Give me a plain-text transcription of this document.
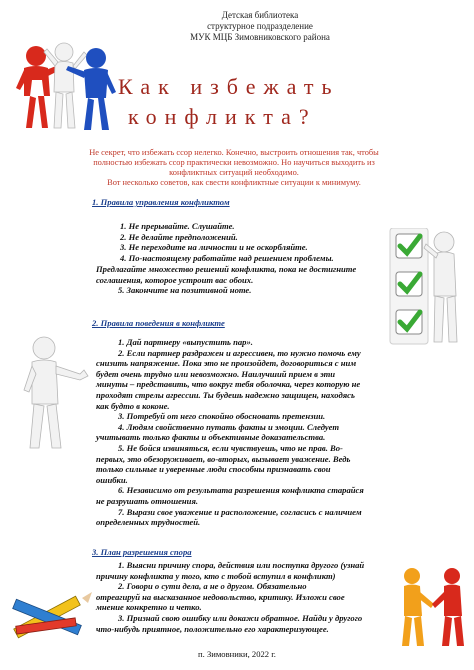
Детская библиотека
структурное подразделение
МУК МЦБ Зимовниковского района
Как избежать
конфликта?
Не секрет, что избежать ссор нелегко. Конечно, выстроить отношения так, чтобы
полностью избежать ссор практически невозможно. Но научиться выходить из
конфликтных ситуаций необходимо.
Вот несколько советов, как свести конфликтные ситуации к минимуму.
1. Правила управления конфликтом
1. Не прерывайте. Слушайте.
2. Не делайте предположений.
3. Не переходите на личности и не оскорбляйте.
4. По-настоящему работайте над решением проблемы.
Предлагайте множество решений конфликта, пока не достигните
соглашения, которое устроит вас обоих.
5. Закончите на позитивной ноте.
2. Правила поведения в конфликте
1. Дай партнеру «выпустить пар».
2. Если партнер раздражен и агрессивен, то нужно помочь ему
снизить напряжение. Пока это не произойдет, договориться с ним
будет очень трудно или невозможно. Наилучший прием в эти
минуты – представить, что вокруг тебя оболочка, через которую не
проходят стрелы агрессии. Ты будешь надежно защищен, находясь
как будто в коконе.
3. Потребуй от него спокойно обосновать претензии.
4. Людям свойственно путать факты и эмоции. Следует
учитывать только факты и объективные доказательства.
5. Не бойся извиняться, если чувствуешь, что не прав. Во-
первых, это обезоруживает, во-вторых, вызывает уважение. Ведь
только сильные и уверенные люди способны признавать свои
ошибки.
6. Независимо от результата разрешения конфликта старайся
не разрушать отношения.
7. Вырази свое уважение и расположение, согласись с наличием
определенных трудностей.
3. План разрешения спора
1. Выясни причину спора, действия или поступка другого (узнай
причину конфликта у того, кто с тобой вступил в конфликт)
2. Говори о сути дела, а не о другом. Обязательно
отреагируй на высказанное недовольство, критику. Изложи свое
мнение конкретно и четко.
3. Признай свою ошибку или докажи обратное. Найди у другого
что-нибудь приятное, положительно его характеризующее.
п. Зимовники, 2022 г.
